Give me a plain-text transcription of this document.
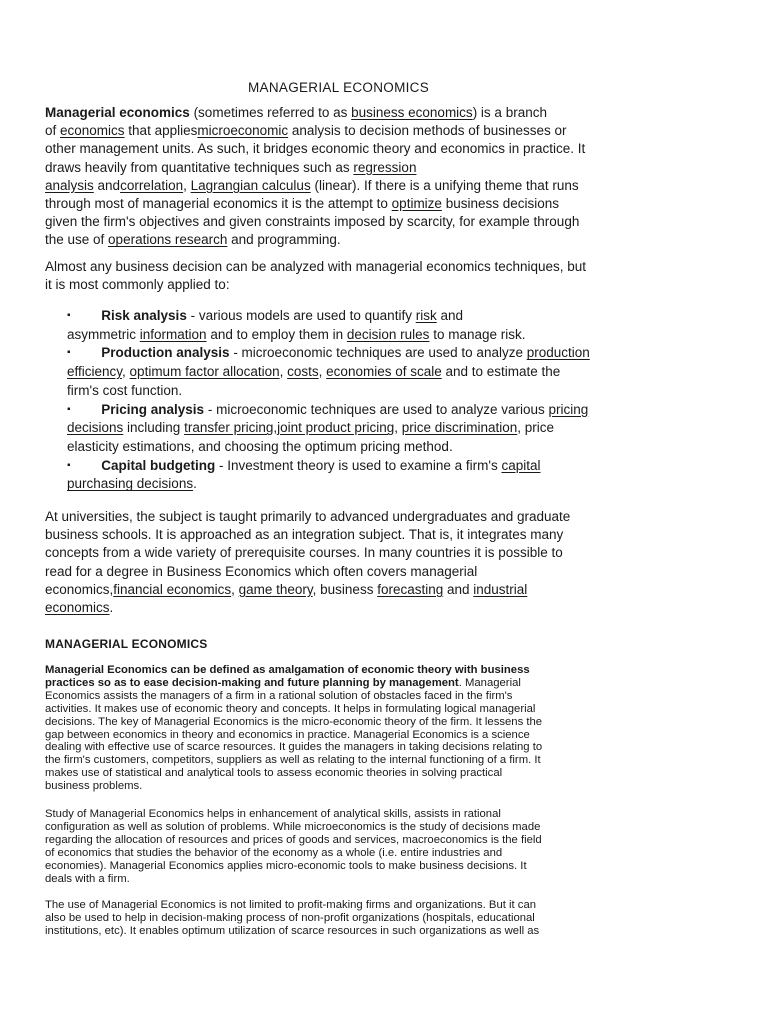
MANAGERIAL ECONOMICS

Managerial economics (sometimes referred to as business economics) is a branch

of economics that appliesmicroeconomic analysis to decision methods of businesses or

other management units. As such, it bridges economic theory and economics in practice. It

draws heavily from quantitative techniques such as regression

analysis andcorrelation, Lagrangian calculus (linear). If there is a unifying theme that runs

through most of managerial economics it is the attempt to optimize business decisions

given the firm's objectives and given constraints imposed by scarcity, for example through

the use of operations research and programming.

Almost any business decision can be analyzed with managerial economics techniques, but

it is most commonly applied to:

▪	Risk analysis - various models are used to quantify risk and
asymmetric information and to employ them in decision rules to manage risk.
▪	Production analysis - microeconomic techniques are used to analyze production
efficiency, optimum factor allocation, costs, economies of scale and to estimate the
firm's cost function.
▪	Pricing analysis - microeconomic techniques are used to analyze various pricing
decisions including transfer pricing,joint product pricing, price discrimination, price
elasticity estimations, and choosing the optimum pricing method.
▪	Capital budgeting - Investment theory is used to examine a firm's capital
purchasing decisions.

At universities, the subject is taught primarily to advanced undergraduates and graduate

business schools. It is approached as an integration subject. That is, it integrates many

concepts from a wide variety of prerequisite courses. In many countries it is possible to

read for a degree in Business Economics which often covers managerial

economics,financial economics, game theory, business forecasting and industrial

economics.

MANAGERIAL ECONOMICS

Managerial Economics can be defined as amalgamation of economic theory with business

practices so as to ease decision-making and future planning by management. Managerial

Economics assists the managers of a firm in a rational solution of obstacles faced in the firm's

activities. It makes use of economic theory and concepts. It helps in formulating logical managerial

decisions. The key of Managerial Economics is the micro-economic theory of the firm. It lessens the

gap between economics in theory and economics in practice. Managerial Economics is a science

dealing with effective use of scarce resources. It guides the managers in taking decisions relating to

the firm's customers, competitors, suppliers as well as relating to the internal functioning of a firm. It

makes use of statistical and analytical tools to assess economic theories in solving practical

business problems.

Study of Managerial Economics helps in enhancement of analytical skills, assists in rational

configuration as well as solution of problems. While microeconomics is the study of decisions made

regarding the allocation of resources and prices of goods and services, macroeconomics is the field

of economics that studies the behavior of the economy as a whole (i.e. entire industries and

economies). Managerial Economics applies micro-economic tools to make business decisions. It

deals with a firm.

The use of Managerial Economics is not limited to profit-making firms and organizations. But it can

also be used to help in decision-making process of non-profit organizations (hospitals, educational

institutions, etc). It enables optimum utilization of scarce resources in such organizations as well as
